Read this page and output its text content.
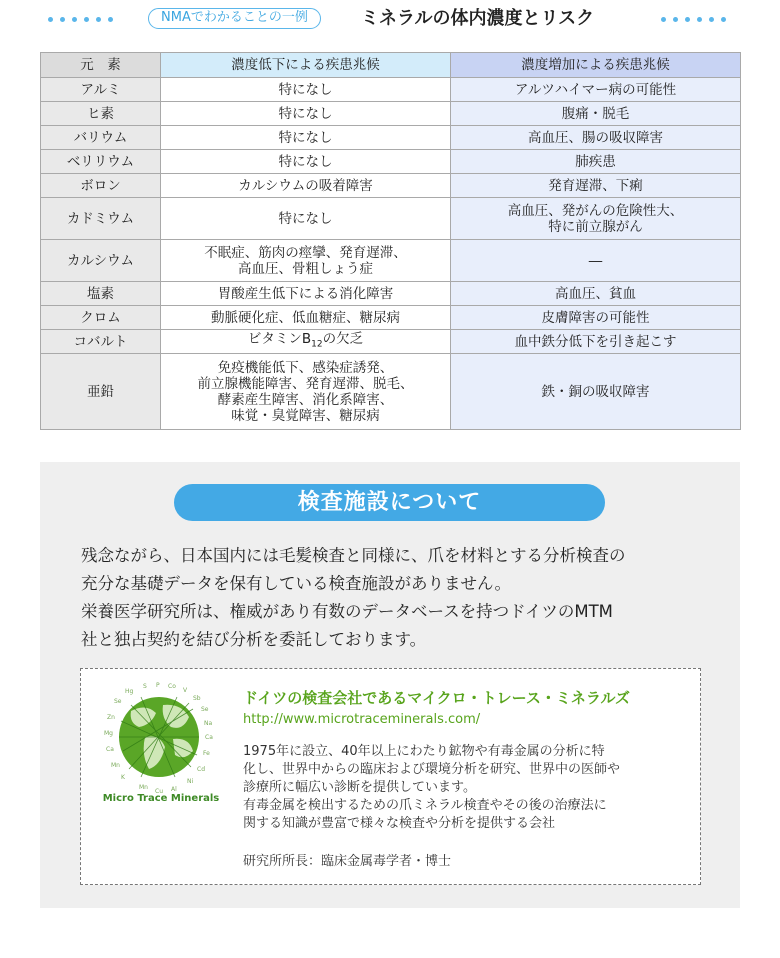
NMAでわかることの一例	ミネラルの体内濃度とリスク
元　素	濃度低下による疾患兆候	濃度増加による疾患兆候
アルミ	特になし	アルツハイマー病の可能性
ヒ素	特になし	腹痛・脱毛
バリウム	特になし	高血圧、腸の吸収障害
ベリリウム	特になし	肺疾患
ボロン	カルシウムの吸着障害	発育遅滞、下痢
カドミウム	特になし	高血圧、発がんの危険性大、
特に前立腺がん
カルシウム	不眠症、筋肉の痙攣、発育遅滞、
高血圧、骨粗しょう症	―
塩素	胃酸産生低下による消化障害	高血圧、貧血
クロム	動脈硬化症、低血糖症、糖尿病	皮膚障害の可能性
コバルト	ビタミン$B_{12}$の欠乏	血中鉄分低下を引き起こす
亜鉛	免疫機能低下、感染症誘発、
前立腺機能障害、発育遅滞、脱毛、
酵素産生障害、消化系障害、
味覚・臭覚障害、糖尿病	鉄・銅の吸収障害
検査施設について

残念ながら、日本国内には毛髪検査と同様に、爪を材料とする分析検査の

充分な基礎データを保有している検査施設がありません。

栄養医学研究所は、権威があり有数のデータベースを持つドイツのMTM

社と独占契約を結び分析を委託しております。

Hg
S P Co
V
Sb
Se
Se
Zn
Na
Mg
Ca
Ca
Fe
Mn
Cd
K
Ni
Mn
Cu Al
Micro Trace Minerals
ドイツの検査会社であるマイクロ・トレース・ミネラルズ
http://www.microtraceminerals.com/

1975年に設立、40年以上にわたり鉱物や有毒金属の分析に特

化し、世界中からの臨床および環境分析を研究、世界中の医師や

診療所に幅広い診断を提供しています。

有毒金属を検出するための爪ミネラル検査やその後の治療法に

関する知識が豊富で様々な検査や分析を提供する会社

研究所所長：臨床金属毒学者・博士
